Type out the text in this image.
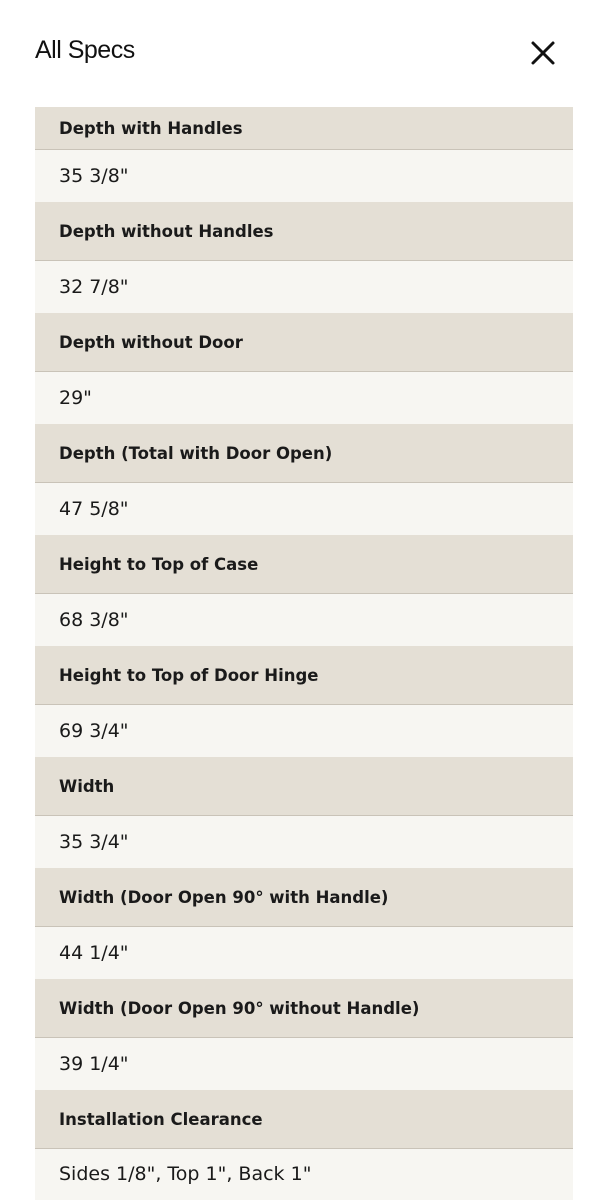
All Specs
Depth with Handles
35 3/8"
Depth without Handles
32 7/8"
Depth without Door
29"
Depth (Total with Door Open)
47 5/8"
Height to Top of Case
68 3/8"
Height to Top of Door Hinge
69 3/4"
Width
35 3/4"
Width (Door Open 90° with Handle)
44 1/4"
Width (Door Open 90° without Handle)
39 1/4"
Installation Clearance
Sides 1/8", Top 1", Back 1"
